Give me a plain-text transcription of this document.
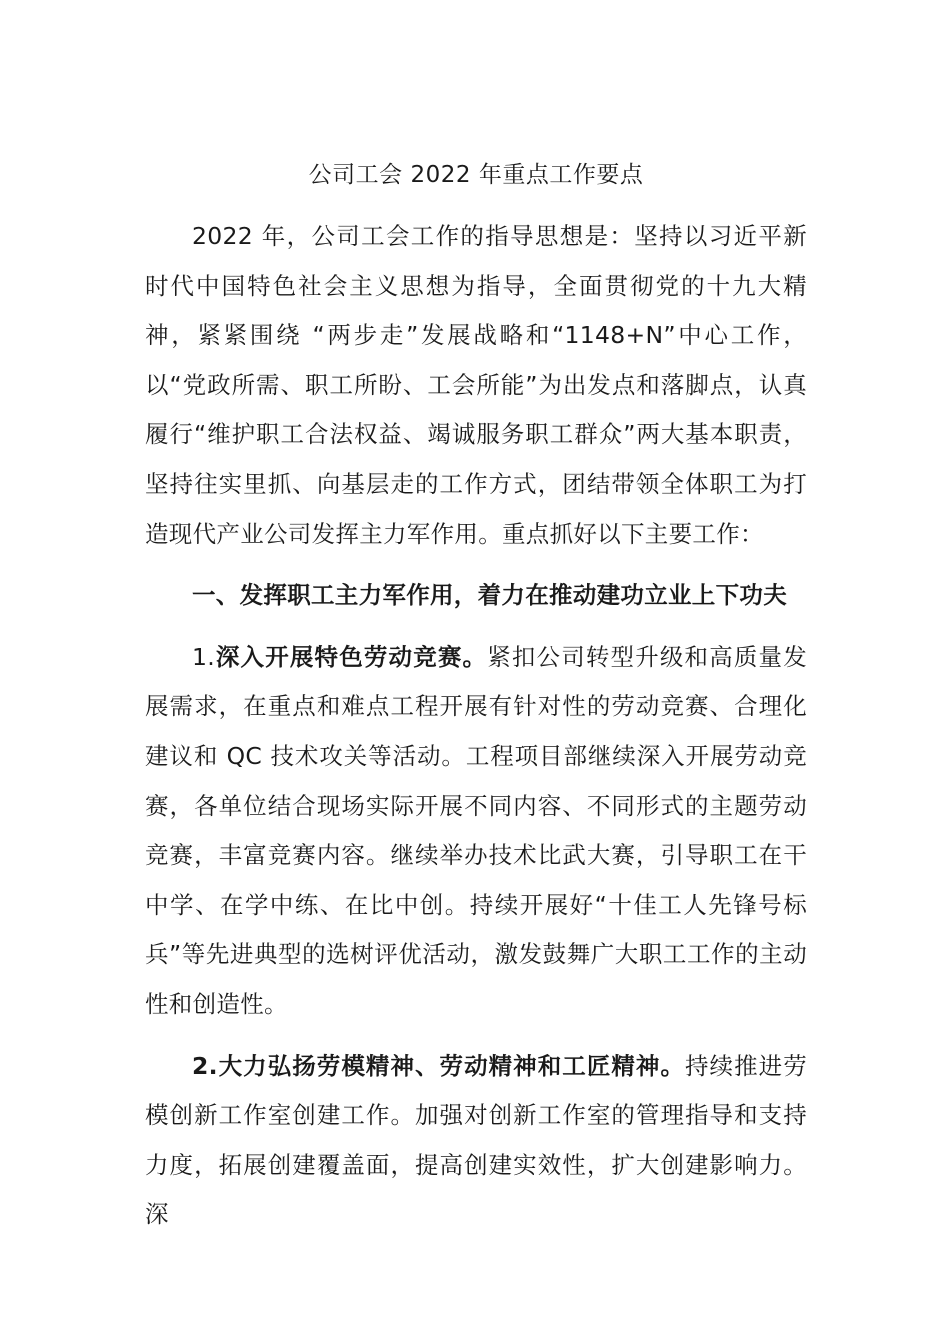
公司工会 2022 年重点工作要点

2022 年，公司工会工作的指导思想是：坚持以习近平新时代中国特色社会主义思想为指导，全面贯彻党的十九大精神，紧紧围绕 “两步走”发展战略和“1148+N”中心工作，以“党政所需、职工所盼、工会所能”为出发点和落脚点，认真履行“维护职工合法权益、竭诚服务职工群众”两大基本职责，坚持往实里抓、向基层走的工作方式，团结带领全体职工为打造现代产业公司发挥主力军作用。重点抓好以下主要工作：

一、发挥职工主力军作用，着力在推动建功立业上下功夫

1.深入开展特色劳动竞赛。紧扣公司转型升级和高质量发展需求，在重点和难点工程开展有针对性的劳动竞赛、合理化建议和 QC 技术攻关等活动。工程项目部继续深入开展劳动竞赛，各单位结合现场实际开展不同内容、不同形式的主题劳动竞赛，丰富竞赛内容。继续举办技术比武大赛，引导职工在干中学、在学中练、在比中创。持续开展好“十佳工人先锋号标兵”等先进典型的选树评优活动，激发鼓舞广大职工工作的主动性和创造性。

2.大力弘扬劳模精神、劳动精神和工匠精神。持续推进劳模创新工作室创建工作。加强对创新工作室的管理指导和支持力度，拓展创建覆盖面，提高创建实效性，扩大创建影响力。深
